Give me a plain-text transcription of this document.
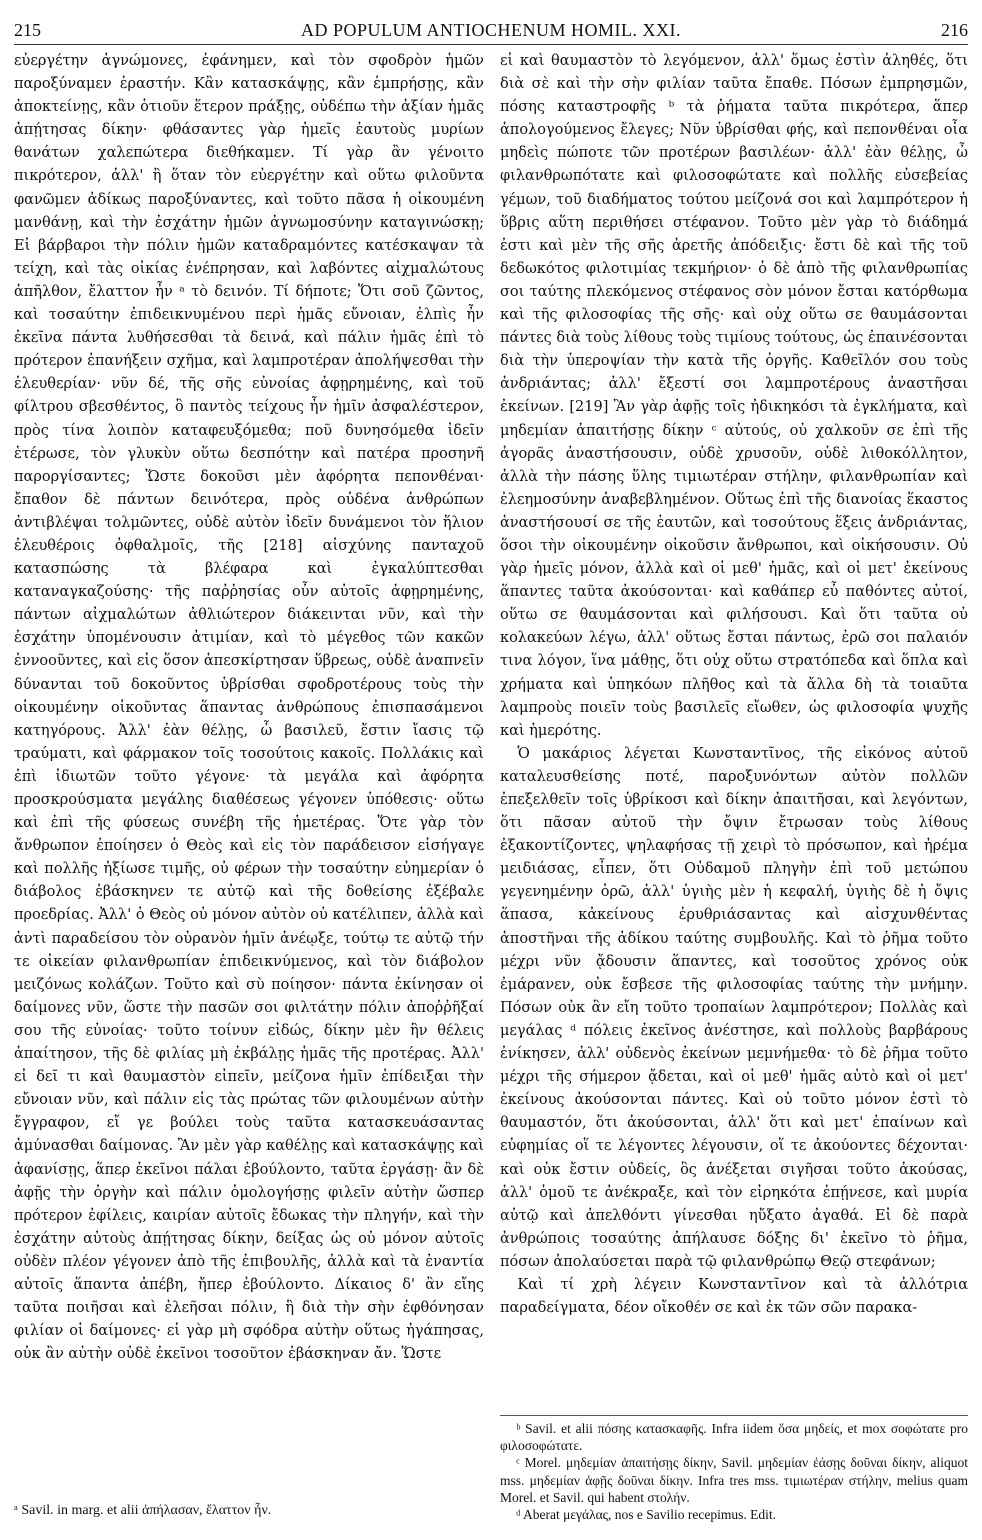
215	AD POPULUM ANTIOCHENUM HOMIL. XXI.	216

εὐεργέτην ἀγνώμονες, ἐφάνημεν, καὶ τὸν σφοδρὸν ἡμῶν παροξύναμεν ἐραστήν. Κἂν κατασκάψῃς, κἂν ἐμπρήσῃς, κἂν ἀποκτείνῃς, κἂν ὁτιοῦν ἕτερον πράξῃς, οὐδέπω τὴν ἀξίαν ἡμᾶς ἀπῄτησας δίκην· φθάσαντες γὰρ ἡμεῖς ἑαυτοὺς μυρίων θανάτων χαλεπώτερα διεθήκαμεν. Τί γὰρ ἂν γένοιτο πικρότερον, ἀλλ' ἢ ὅταν τὸν εὐεργέτην καὶ οὕτω φιλοῦντα φανῶμεν ἀδίκως παροξύναντες, καὶ τοῦτο πᾶσα ἡ οἰκουμένη μανθάνῃ, καὶ τὴν ἐσχάτην ἡμῶν ἀγνωμοσύνην καταγινώσκῃ; Εἰ βάρβαροι τὴν πόλιν ἡμῶν καταδραμόντες κατέσκαψαν τὰ τείχη, καὶ τὰς οἰκίας ἐνέπρησαν, καὶ λαβόντες αἰχμαλώτους ἀπῆλθον, ἔλαττον ἦν ᵃ τὸ δεινόν. Τί δήποτε; Ὅτι σοῦ ζῶντος, καὶ τοσαύτην ἐπιδεικνυμένου περὶ ἡμᾶς εὔνοιαν, ἐλπὶς ἦν ἐκεῖνα πάντα λυθήσεσθαι τὰ δεινά, καὶ πάλιν ἡμᾶς ἐπὶ τὸ πρότερον ἐπανήξειν σχῆμα, καὶ λαμπροτέραν ἀπολήψεσθαι τὴν ἐλευθερίαν· νῦν δέ, τῆς σῆς εὐνοίας ἀφῃρημένης, καὶ τοῦ φίλτρου σβεσθέντος, ὃ παντὸς τείχους ἦν ἡμῖν ἀσφαλέστερον, πρὸς τίνα λοιπὸν καταφευξόμεθα; ποῦ δυνησόμεθα ἰδεῖν ἑτέρωσε, τὸν γλυκὺν οὕτω δεσπότην καὶ πατέρα προσηνῆ παροργίσαντες; Ὥστε δοκοῦσι μὲν ἀφόρητα πεπονθέναι· ἔπαθον δὲ πάντων δεινότερα, πρὸς οὐδένα ἀνθρώπων ἀντιβλέψαι τολμῶντες, οὐδὲ αὐτὸν ἰδεῖν δυνάμενοι τὸν ἥλιον ἐλευθέροις ὀφθαλμοῖς, τῆς [218] αἰσχύνης πανταχοῦ κατασπώσης τὰ βλέφαρα καὶ ἐγκαλύπτεσθαι καταναγκαζούσης· τῆς παῤῥησίας οὖν αὐτοῖς ἀφῃρημένης, πάντων αἰχμαλώτων ἀθλιώτερον διάκεινται νῦν, καὶ τὴν ἐσχάτην ὑπομένουσιν ἀτιμίαν, καὶ τὸ μέγεθος τῶν κακῶν ἐννοοῦντες, καὶ εἰς ὅσον ἀπεσκίρτησαν ὕβρεως, οὐδὲ ἀναπνεῖν δύνανται τοῦ δοκοῦντος ὑβρίσθαι σφοδροτέρους τοὺς τὴν οἰκουμένην οἰκοῦντας ἅπαντας ἀνθρώπους ἐπισπασάμενοι κατηγόρους. Ἀλλ' ἐὰν θέλῃς, ὦ βασιλεῦ, ἔστιν ἴασις τῷ τραύματι, καὶ φάρμακον τοῖς τοσούτοις κακοῖς. Πολλάκις καὶ ἐπὶ ἰδιωτῶν τοῦτο γέγονε· τὰ μεγάλα καὶ ἀφόρητα προσκρούσματα μεγάλης διαθέσεως γέγονεν ὑπόθεσις· οὕτω καὶ ἐπὶ τῆς φύσεως συνέβη τῆς ἡμετέρας. Ὅτε γὰρ τὸν ἄνθρωπον ἐποίησεν ὁ Θεὸς καὶ εἰς τὸν παράδεισον εἰσήγαγε καὶ πολλῆς ἠξίωσε τιμῆς, οὐ φέρων τὴν τοσαύτην εὐημερίαν ὁ διάβολος ἐβάσκηνεν τε αὐτῷ καὶ τῆς δοθείσης ἐξέβαλε προεδρίας. Ἀλλ' ὁ Θεὸς οὐ μόνον αὐτὸν οὐ κατέλιπεν, ἀλλὰ καὶ ἀντὶ παραδείσου τὸν οὐρανὸν ἡμῖν ἀνέῳξε, τούτῳ τε αὐτῷ τήν τε οἰκείαν φιλανθρωπίαν ἐπιδεικνύμενος, καὶ τὸν διάβολον μειζόνως κολάζων. Τοῦτο καὶ σὺ ποίησον· πάντα ἐκίνησαν οἱ δαίμονες νῦν, ὥστε τὴν πασῶν σοι φιλτάτην πόλιν ἀποῤῥῆξαί σου τῆς εὐνοίας· τοῦτο τοίνυν εἰδώς, δίκην μὲν ἣν θέλεις ἀπαίτησον, τῆς δὲ φιλίας μὴ ἐκβάλῃς ἡμᾶς τῆς προτέρας. Ἀλλ' εἰ δεῖ τι καὶ θαυμαστὸν εἰπεῖν, μείζονα ἡμῖν ἐπίδειξαι τὴν εὔνοιαν νῦν, καὶ πάλιν εἰς τὰς πρώτας τῶν φιλουμένων αὐτὴν ἔγγραφον, εἴ γε βούλει τοὺς ταῦτα κατασκευάσαντας ἀμύνασθαι δαίμονας. Ἂν μὲν γὰρ καθέλῃς καὶ κατασκάψῃς καὶ ἀφανίσῃς, ἅπερ ἐκεῖνοι πάλαι ἐβούλοντο, ταῦτα ἐργάσῃ· ἂν δὲ ἀφῇς τὴν ὀργὴν καὶ πάλιν ὁμολογήσῃς φιλεῖν αὐτὴν ὥσπερ πρότερον ἐφίλεις, καιρίαν αὐτοῖς ἔδωκας τὴν πληγήν, καὶ τὴν ἐσχάτην αὐτοὺς ἀπῄτησας δίκην, δείξας ὡς οὐ μόνον αὐτοῖς οὐδὲν πλέον γέγονεν ἀπὸ τῆς ἐπιβουλῆς, ἀλλὰ καὶ τὰ ἐναντία αὐτοῖς ἅπαντα ἀπέβη, ἤπερ ἐβούλοντο. Δίκαιος δ' ἂν εἴης ταῦτα ποιῆσαι καὶ ἐλεῆσαι πόλιν, ἣ διὰ τὴν σὴν ἐφθόνησαν φιλίαν οἱ δαίμονες· εἰ γὰρ μὴ σφόδρα αὐτὴν οὕτως ἠγάπησας, οὐκ ἂν αὐτὴν οὐδὲ ἐκεῖνοι τοσοῦτον ἐβάσκηναν ἄν. Ὥστε

εἰ καὶ θαυμαστὸν τὸ λεγόμενον, ἀλλ' ὅμως ἐστὶν ἀληθές, ὅτι διὰ σὲ καὶ τὴν σὴν φιλίαν ταῦτα ἔπαθε. Πόσων ἐμπρησμῶν, πόσης καταστροφῆς ᵇ τὰ ῥήματα ταῦτα πικρότερα, ἅπερ ἀπολογούμενος ἔλεγες; Νῦν ὑβρίσθαι φής, καὶ πεπονθέναι οἷα μηδεὶς πώποτε τῶν προτέρων βασιλέων· ἀλλ' ἐὰν θέλῃς, ὦ φιλανθρωπότατε καὶ φιλοσοφώτατε καὶ πολλῆς εὐσεβείας γέμων, τοῦ διαδήματος τούτου μείζονά σοι καὶ λαμπρότερον ἡ ὕβρις αὕτη περιθήσει στέφανον. Τοῦτο μὲν γὰρ τὸ διάδημά ἐστι καὶ μὲν τῆς σῆς ἀρετῆς ἀπόδειξις· ἔστι δὲ καὶ τῆς τοῦ δεδωκότος φιλοτιμίας τεκμήριον· ὁ δὲ ἀπὸ τῆς φιλανθρωπίας σοι ταύτης πλεκόμενος στέφανος σὸν μόνον ἔσται κατόρθωμα καὶ τῆς φιλοσοφίας τῆς σῆς· καὶ οὐχ οὕτω σε θαυμάσονται πάντες διὰ τοὺς λίθους τοὺς τιμίους τούτους, ὡς ἐπαινέσονται διὰ τὴν ὑπεροψίαν τὴν κατὰ τῆς ὀργῆς. Καθεῖλόν σου τοὺς ἀνδριάντας; ἀλλ' ἔξεστί σοι λαμπροτέρους ἀναστῆσαι ἐκείνων. [219] Ἂν γὰρ ἀφῇς τοῖς ἠδικηκόσι τὰ ἐγκλήματα, καὶ μηδεμίαν ἀπαιτήσῃς δίκην ᶜ αὐτούς, οὐ χαλκοῦν σε ἐπὶ τῆς ἀγορᾶς ἀναστήσουσιν, οὐδὲ χρυσοῦν, οὐδὲ λιθοκόλλητον, ἀλλὰ τὴν πάσης ὕλης τιμιωτέραν στήλην, φιλανθρωπίαν καὶ ἐλεημοσύνην ἀναβεβλημένον. Οὕτως ἐπὶ τῆς διανοίας ἕκαστος ἀναστήσουσί σε τῆς ἑαυτῶν, καὶ τοσούτους ἕξεις ἀνδριάντας, ὅσοι τὴν οἰκουμένην οἰκοῦσιν ἄνθρωποι, καὶ οἰκήσουσιν. Οὐ γὰρ ἡμεῖς μόνον, ἀλλὰ καὶ οἱ μεθ' ἡμᾶς, καὶ οἱ μετ' ἐκείνους ἅπαντες ταῦτα ἀκούσονται· καὶ καθάπερ εὖ παθόντες αὐτοί, οὕτω σε θαυμάσονται καὶ φιλήσουσι. Καὶ ὅτι ταῦτα οὐ κολακεύων λέγω, ἀλλ' οὕτως ἔσται πάντως, ἐρῶ σοι παλαιόν τινα λόγον, ἵνα μάθῃς, ὅτι οὐχ οὕτω στρατόπεδα καὶ ὅπλα καὶ χρήματα καὶ ὑπηκόων πλῆθος καὶ τὰ ἄλλα δὴ τὰ τοιαῦτα λαμπροὺς ποιεῖν τοὺς βασιλεῖς εἴωθεν, ὡς φιλοσοφία ψυχῆς καὶ ἡμερότης.

Ὁ μακάριος λέγεται Κωνσταντῖνος, τῆς εἰκόνος αὐτοῦ καταλευσθείσης ποτέ, παροξυνόντων αὐτὸν πολλῶν ἐπεξελθεῖν τοῖς ὑβρίκοσι καὶ δίκην ἀπαιτῆσαι, καὶ λεγόντων, ὅτι πᾶσαν αὐτοῦ τὴν ὄψιν ἔτρωσαν τοὺς λίθους ἐξακοντίζοντες, ψηλαφήσας τῇ χειρὶ τὸ πρόσωπον, καὶ ἠρέμα μειδιάσας, εἶπεν, ὅτι Οὐδαμοῦ πληγὴν ἐπὶ τοῦ μετώπου γεγενημένην ὁρῶ, ἀλλ' ὑγιὴς μὲν ἡ κεφαλή, ὑγιὴς δὲ ἡ ὄψις ἅπασα, κἀκείνους ἐρυθριάσαντας καὶ αἰσχυνθέντας ἀποστῆναι τῆς ἀδίκου ταύτης συμβουλῆς. Καὶ τὸ ῥῆμα τοῦτο μέχρι νῦν ᾄδουσιν ἅπαντες, καὶ τοσοῦτος χρόνος οὐκ ἐμάρανεν, οὐκ ἔσβεσε τῆς φιλοσοφίας ταύτης τὴν μνήμην. Πόσων οὐκ ἂν εἴη τοῦτο τροπαίων λαμπρότερον; Πολλὰς καὶ μεγάλας ᵈ πόλεις ἐκεῖνος ἀνέστησε, καὶ πολλοὺς βαρβάρους ἐνίκησεν, ἀλλ' οὐδενὸς ἐκείνων μεμνήμεθα· τὸ δὲ ῥῆμα τοῦτο μέχρι τῆς σήμερον ᾄδεται, καὶ οἱ μεθ' ἡμᾶς αὐτὸ καὶ οἱ μετ' ἐκείνους ἀκούσονται πάντες. Καὶ οὐ τοῦτο μόνον ἐστὶ τὸ θαυμαστόν, ὅτι ἀκούσονται, ἀλλ' ὅτι καὶ μετ' ἐπαίνων καὶ εὐφημίας οἵ τε λέγοντες λέγουσιν, οἵ τε ἀκούοντες δέχονται· καὶ οὐκ ἔστιν οὐδείς, ὃς ἀνέξεται σιγῆσαι τοῦτο ἀκούσας, ἀλλ' ὁμοῦ τε ἀνέκραξε, καὶ τὸν εἰρηκότα ἐπῄνεσε, καὶ μυρία αὐτῷ καὶ ἀπελθόντι γίνεσθαι ηὔξατο ἀγαθά. Εἰ δὲ παρὰ ἀνθρώποις τοσαύτης ἀπήλαυσε δόξης δι' ἐκεῖνο τὸ ῥῆμα, πόσων ἀπολαύσεται παρὰ τῷ φιλανθρώπῳ Θεῷ στεφάνων;

Καὶ τί χρὴ λέγειν Κωνσταντῖνον καὶ τὰ ἀλλότρια παραδείγματα, δέον οἴκοθέν σε καὶ ἐκ τῶν σῶν παρακα-

ᵃ Savil. in marg. et alii ἀπήλασαν, ἔλαττον ἦν.
ᵇ Savil. et alii πόσης κατασκαφῆς. Infra iidem ὅσα μηδείς, et mox σοφώτατε pro φιλοσοφώτατε.
ᶜ Morel. μηδεμίαν ἀπαιτήσῃς δίκην, Savil. μηδεμίαν ἐάσῃς δοῦναι δίκην, aliquot mss. μηδεμίαν ἀφῇς δοῦναι δίκην. Infra tres mss. τιμιωτέραν στήλην, melius quam Morel. et Savil. qui habent στολήν.
ᵈ Aberat μεγάλας, nos e Savilio recepimus. Edit.
